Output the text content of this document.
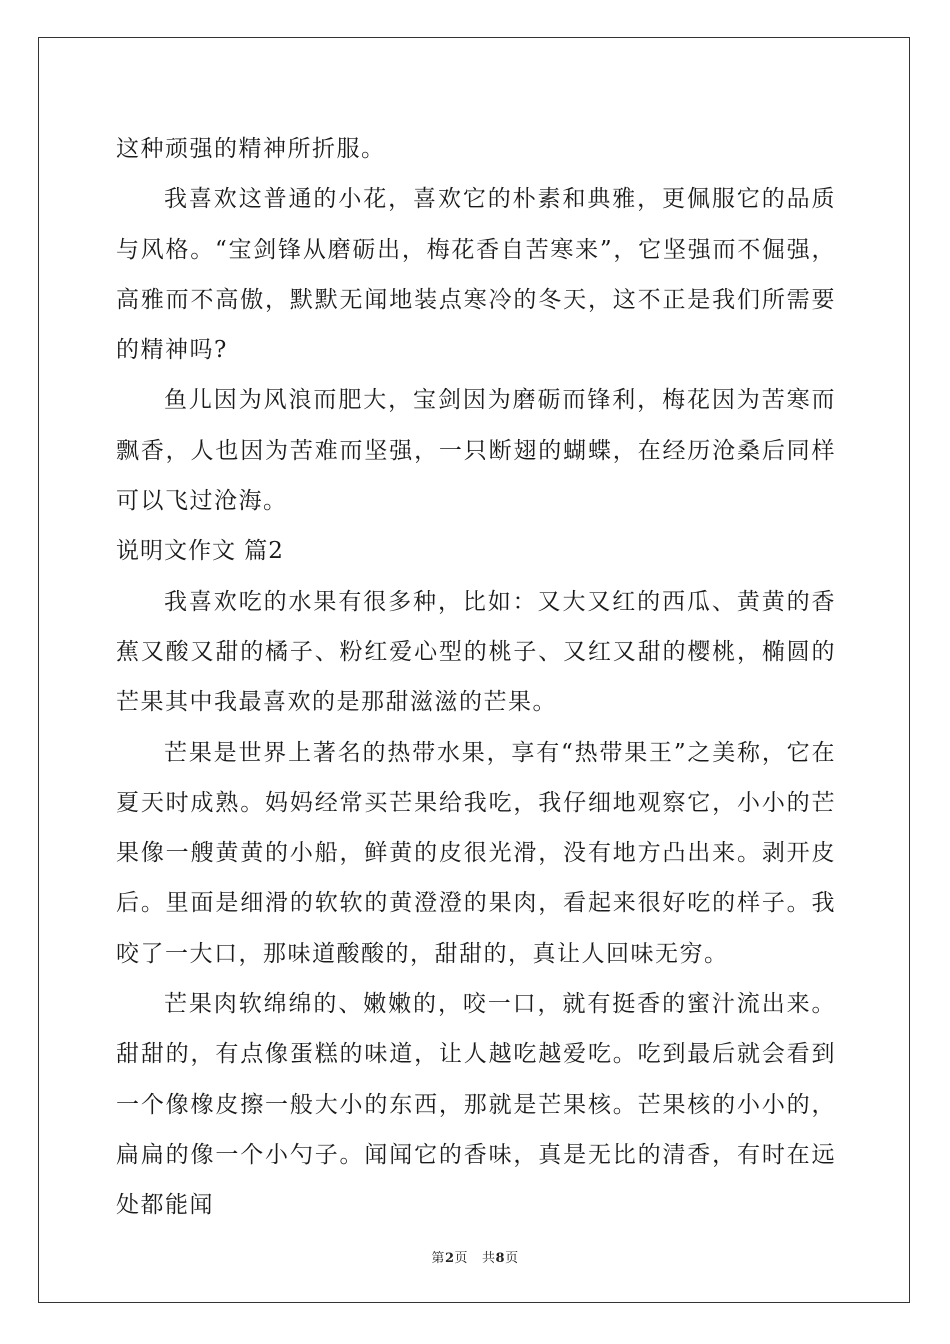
这种顽强的精神所折服。

我喜欢这普通的小花，喜欢它的朴素和典雅，更佩服它的品质与风格。“宝剑锋从磨砺出，梅花香自苦寒来”，它坚强而不倔强，高雅而不高傲，默默无闻地装点寒冷的冬天，这不正是我们所需要的精神吗?

鱼儿因为风浪而肥大，宝剑因为磨砺而锋利，梅花因为苦寒而飘香，人也因为苦难而坚强，一只断翅的蝴蝶，在经历沧桑后同样可以飞过沧海。

说明文作文 篇2

我喜欢吃的水果有很多种，比如：又大又红的西瓜、黄黄的香蕉又酸又甜的橘子、粉红爱心型的桃子、又红又甜的樱桃，椭圆的芒果其中我最喜欢的是那甜滋滋的芒果。

芒果是世界上著名的热带水果，享有“热带果王”之美称，它在夏天时成熟。妈妈经常买芒果给我吃，我仔细地观察它，小小的芒果像一艘黄黄的小船，鲜黄的皮很光滑，没有地方凸出来。剥开皮后。里面是细滑的软软的黄澄澄的果肉，看起来很好吃的样子。我咬了一大口，那味道酸酸的，甜甜的，真让人回味无穷。

芒果肉软绵绵的、嫩嫩的，咬一口，就有挺香的蜜汁流出来。甜甜的，有点像蛋糕的味道，让人越吃越爱吃。吃到最后就会看到一个像橡皮擦一般大小的东西，那就是芒果核。芒果核的小小的，扁扁的像一个小勺子。闻闻它的香味，真是无比的清香，有时在远处都能闻

第2页 共8页
